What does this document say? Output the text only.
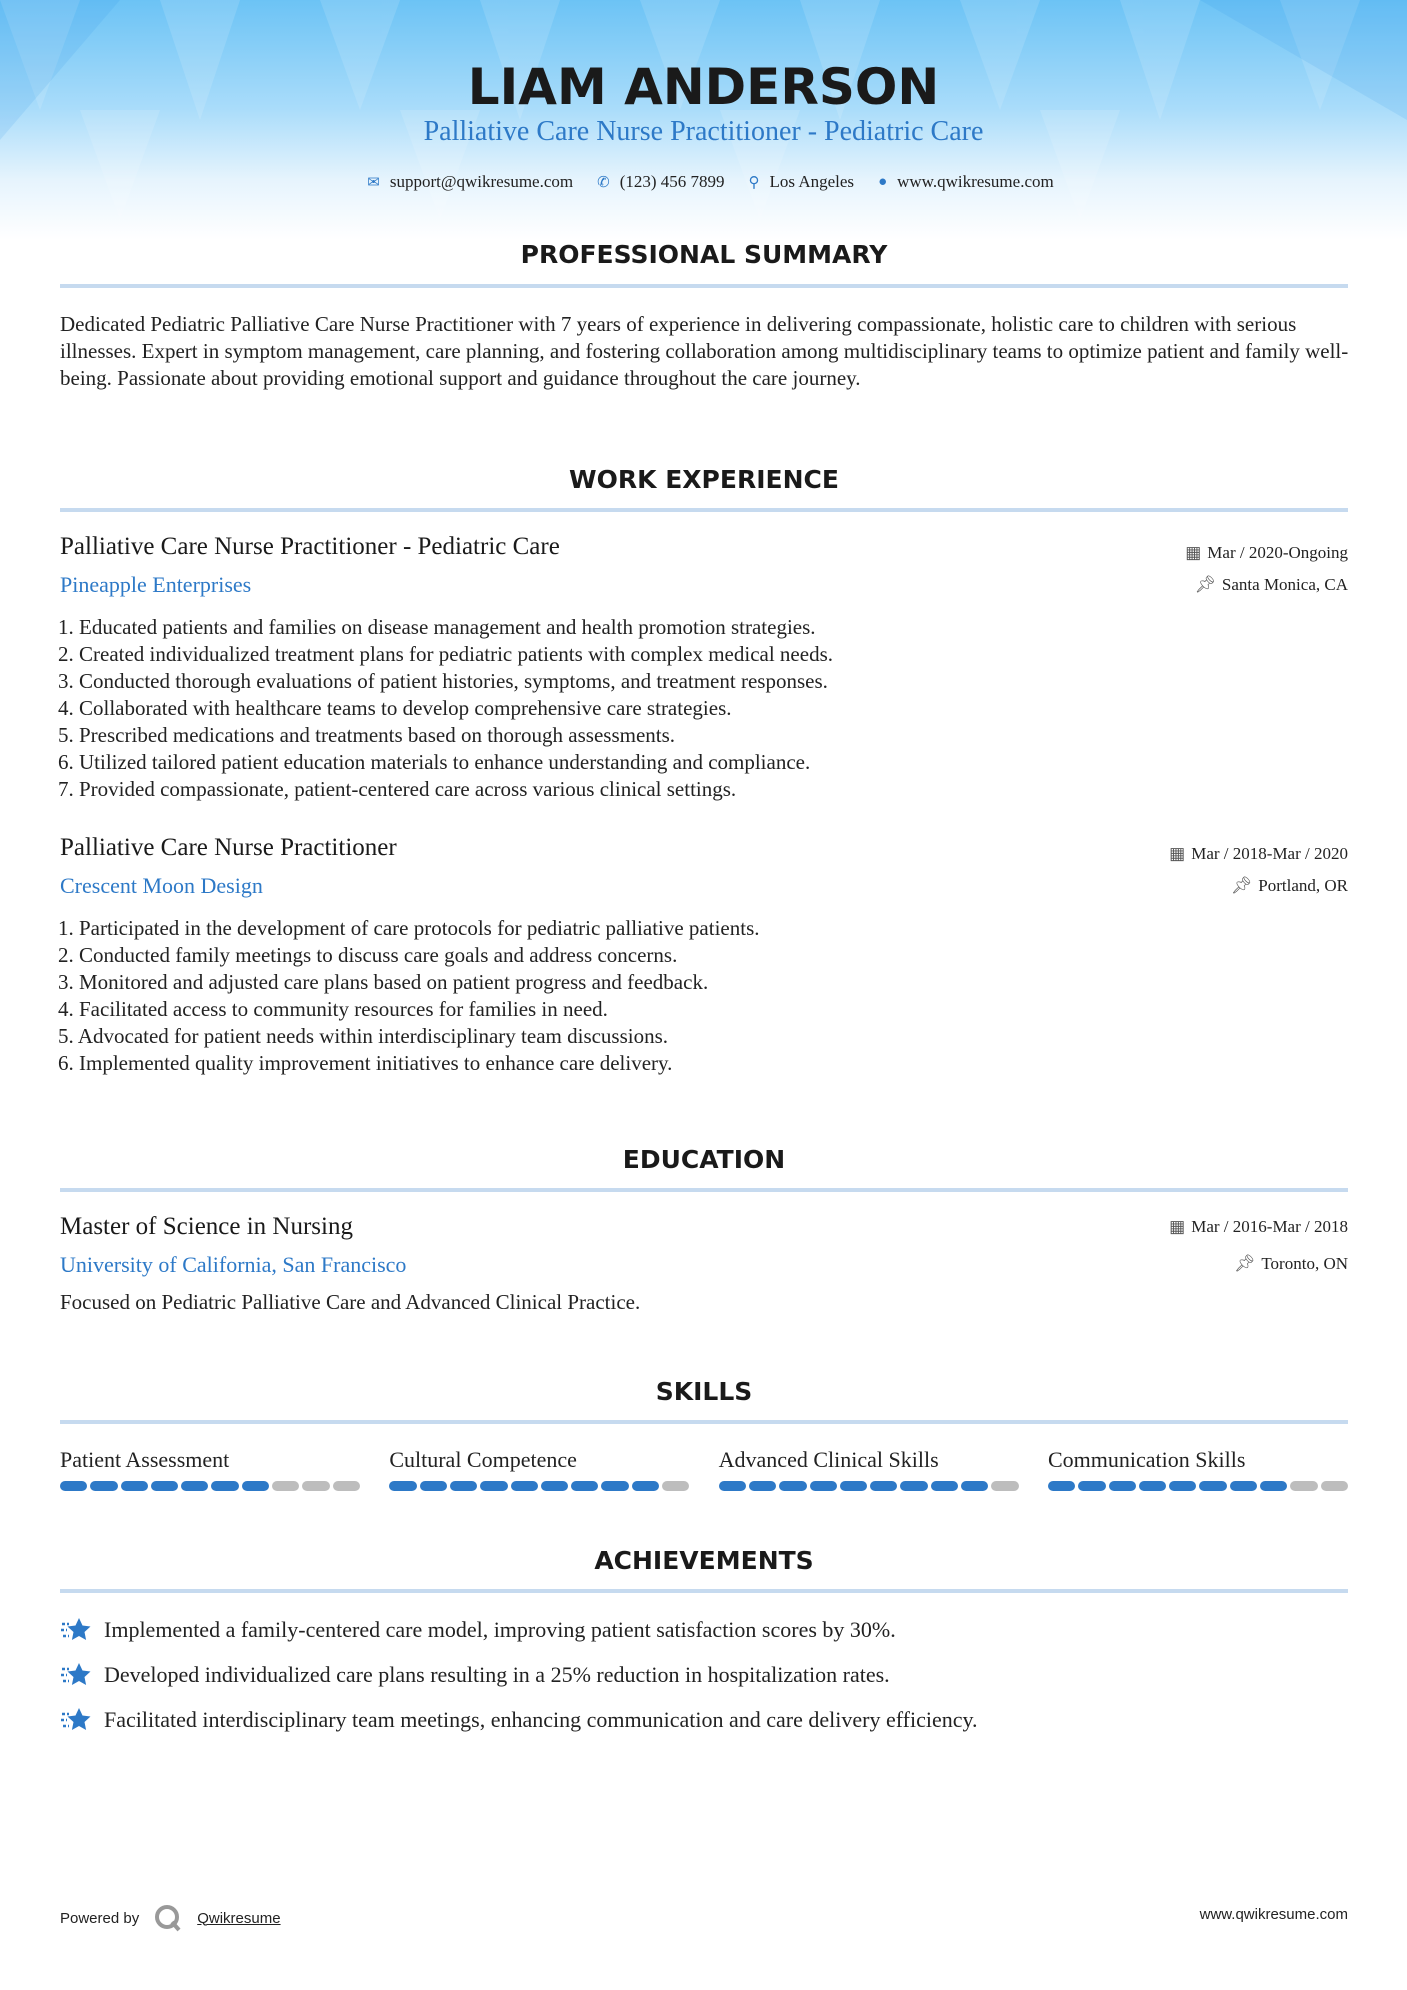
LIAM ANDERSON
Palliative Care Nurse Practitioner - Pediatric Care
✉ support@qwikresume.com ✆ (123) 456 7899 ⚲ Los Angeles ● www.qwikresume.com
PROFESSIONAL SUMMARY
Dedicated Pediatric Palliative Care Nurse Practitioner with 7 years of experience in delivering compassionate, holistic care to children with serious illnesses. Expert in symptom management, care planning, and fostering collaboration among multidisciplinary teams to optimize patient and family well-being. Passionate about providing emotional support and guidance throughout the care journey.
WORK EXPERIENCE
Palliative Care Nurse Practitioner - Pediatric Care
Pineapple Enterprises
▦ Mar / 2020-Ongoing
📌︎ Santa Monica, CA
1. Educated patients and families on disease management and health promotion strategies.
2. Created individualized treatment plans for pediatric patients with complex medical needs.
3. Conducted thorough evaluations of patient histories, symptoms, and treatment responses.
4. Collaborated with healthcare teams to develop comprehensive care strategies.
5. Prescribed medications and treatments based on thorough assessments.
6. Utilized tailored patient education materials to enhance understanding and compliance.
7. Provided compassionate, patient-centered care across various clinical settings.
Palliative Care Nurse Practitioner
Crescent Moon Design
▦ Mar / 2018-Mar / 2020
📌︎ Portland, OR
1. Participated in the development of care protocols for pediatric palliative patients.
2. Conducted family meetings to discuss care goals and address concerns.
3. Monitored and adjusted care plans based on patient progress and feedback.
4. Facilitated access to community resources for families in need.
5. Advocated for patient needs within interdisciplinary team discussions.
6. Implemented quality improvement initiatives to enhance care delivery.
EDUCATION
Master of Science in Nursing
University of California, San Francisco
▦ Mar / 2016-Mar / 2018
📌︎ Toronto, ON
Focused on Pediatric Palliative Care and Advanced Clinical Practice.
SKILLS
Patient Assessment	Cultural Competence	Advanced Clinical Skills	Communication Skills
ACHIEVEMENTS
Implemented a family-centered care model, improving patient satisfaction scores by 30%.
Developed individualized care plans resulting in a 25% reduction in hospitalization rates.
Facilitated interdisciplinary team meetings, enhancing communication and care delivery efficiency.
Powered by	Qwikresume	www.qwikresume.com
